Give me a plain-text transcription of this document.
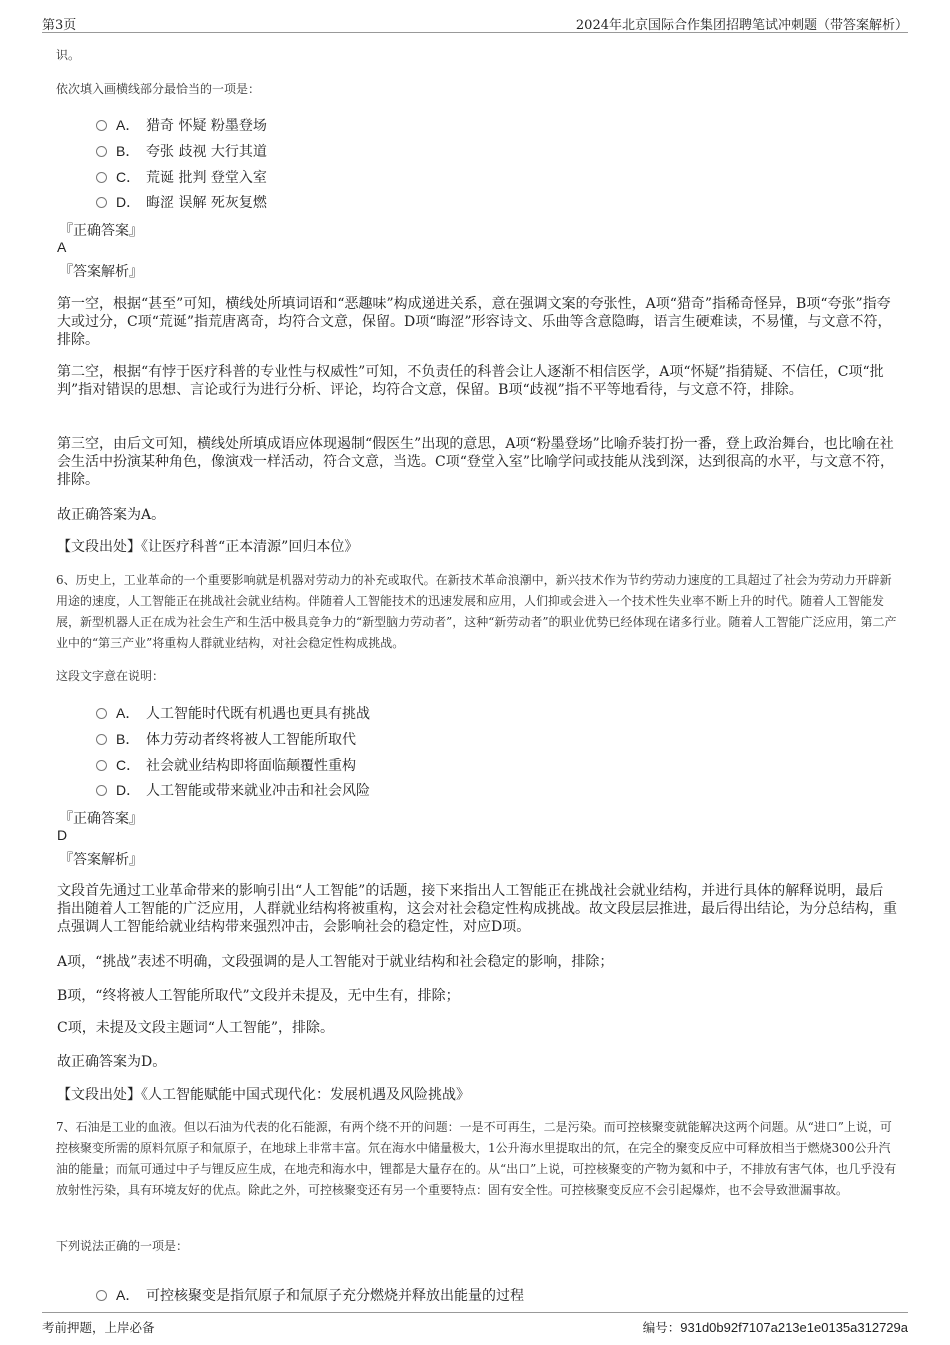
第3页	2024年北京国际合作集团招聘笔试冲刺题（带答案解析）
识。
依次填入画横线部分最恰当的一项是：
A． 猎奇 怀疑 粉墨登场
B． 夸张 歧视 大行其道
C． 荒诞 批判 登堂入室
D． 晦涩 误解 死灰复燃
『正确答案』
A
『答案解析』
第一空，根据“甚至”可知，横线处所填词语和“恶趣味”构成递进关系，意在强调文案的夸张性，A项“猎奇”指稀奇怪异，B项“夸张”指夸大或过分，C项“荒诞”指荒唐离奇，均符合文意，保留。D项“晦涩”形容诗文、乐曲等含意隐晦，语言生硬难读，不易懂，与文意不符，排除。
第二空，根据“有悖于医疗科普的专业性与权威性”可知，不负责任的科普会让人逐渐不相信医学，A项“怀疑”指猜疑、不信任，C项“批判”指对错误的思想、言论或行为进行分析、评论，均符合文意，保留。B项“歧视”指不平等地看待，与文意不符，排除。
第三空，由后文可知，横线处所填成语应体现遏制“假医生”出现的意思，A项“粉墨登场”比喻乔装打扮一番，登上政治舞台，也比喻在社会生活中扮演某种角色，像演戏一样活动，符合文意，当选。C项“登堂入室”比喻学问或技能从浅到深，达到很高的水平，与文意不符，排除。
故正确答案为A。
【文段出处】《让医疗科普“正本清源”回归本位》
6、历史上，工业革命的一个重要影响就是机器对劳动力的补充或取代。在新技术革命浪潮中，新兴技术作为节约劳动力速度的工具超过了社会为劳动力开辟新用途的速度，人工智能正在挑战社会就业结构。伴随着人工智能技术的迅速发展和应用，人们抑或会进入一个技术性失业率不断上升的时代。随着人工智能发展，新型机器人正在成为社会生产和生活中极具竞争力的“新型脑力劳动者”，这种“新劳动者”的职业优势已经体现在诸多行业。随着人工智能广泛应用，第二产业中的“第三产业”将重构人群就业结构，对社会稳定性构成挑战。
这段文字意在说明：
A． 人工智能时代既有机遇也更具有挑战
B． 体力劳动者终将被人工智能所取代
C． 社会就业结构即将面临颠覆性重构
D． 人工智能或带来就业冲击和社会风险
『正确答案』
D
『答案解析』
文段首先通过工业革命带来的影响引出“人工智能”的话题，接下来指出人工智能正在挑战社会就业结构，并进行具体的解释说明，最后指出随着人工智能的广泛应用，人群就业结构将被重构，这会对社会稳定性构成挑战。故文段层层推进，最后得出结论，为分总结构，重点强调人工智能给就业结构带来强烈冲击，会影响社会的稳定性，对应D项。
A项，“挑战”表述不明确，文段强调的是人工智能对于就业结构和社会稳定的影响，排除；
B项，“终将被人工智能所取代”文段并未提及，无中生有，排除；
C项，未提及文段主题词“人工智能”，排除。
故正确答案为D。
【文段出处】《人工智能赋能中国式现代化：发展机遇及风险挑战》
7、石油是工业的血液。但以石油为代表的化石能源，有两个绕不开的问题：一是不可再生，二是污染。而可控核聚变就能解决这两个问题。从“进口”上说，可控核聚变所需的原料氘原子和氚原子，在地球上非常丰富。氘在海水中储量极大，1公升海水里提取出的氘，在完全的聚变反应中可释放相当于燃烧300公升汽油的能量；而氚可通过中子与锂反应生成，在地壳和海水中，锂都是大量存在的。从“出口”上说，可控核聚变的产物为氦和中子，不排放有害气体，也几乎没有放射性污染，具有环境友好的优点。除此之外，可控核聚变还有另一个重要特点：固有安全性。可控核聚变反应不会引起爆炸，也不会导致泄漏事故。
下列说法正确的一项是：
A． 可控核聚变是指氘原子和氚原子充分燃烧并释放出能量的过程
考前押题，上岸必备	编号：931d0b92f7107a213e1e0135a312729a
